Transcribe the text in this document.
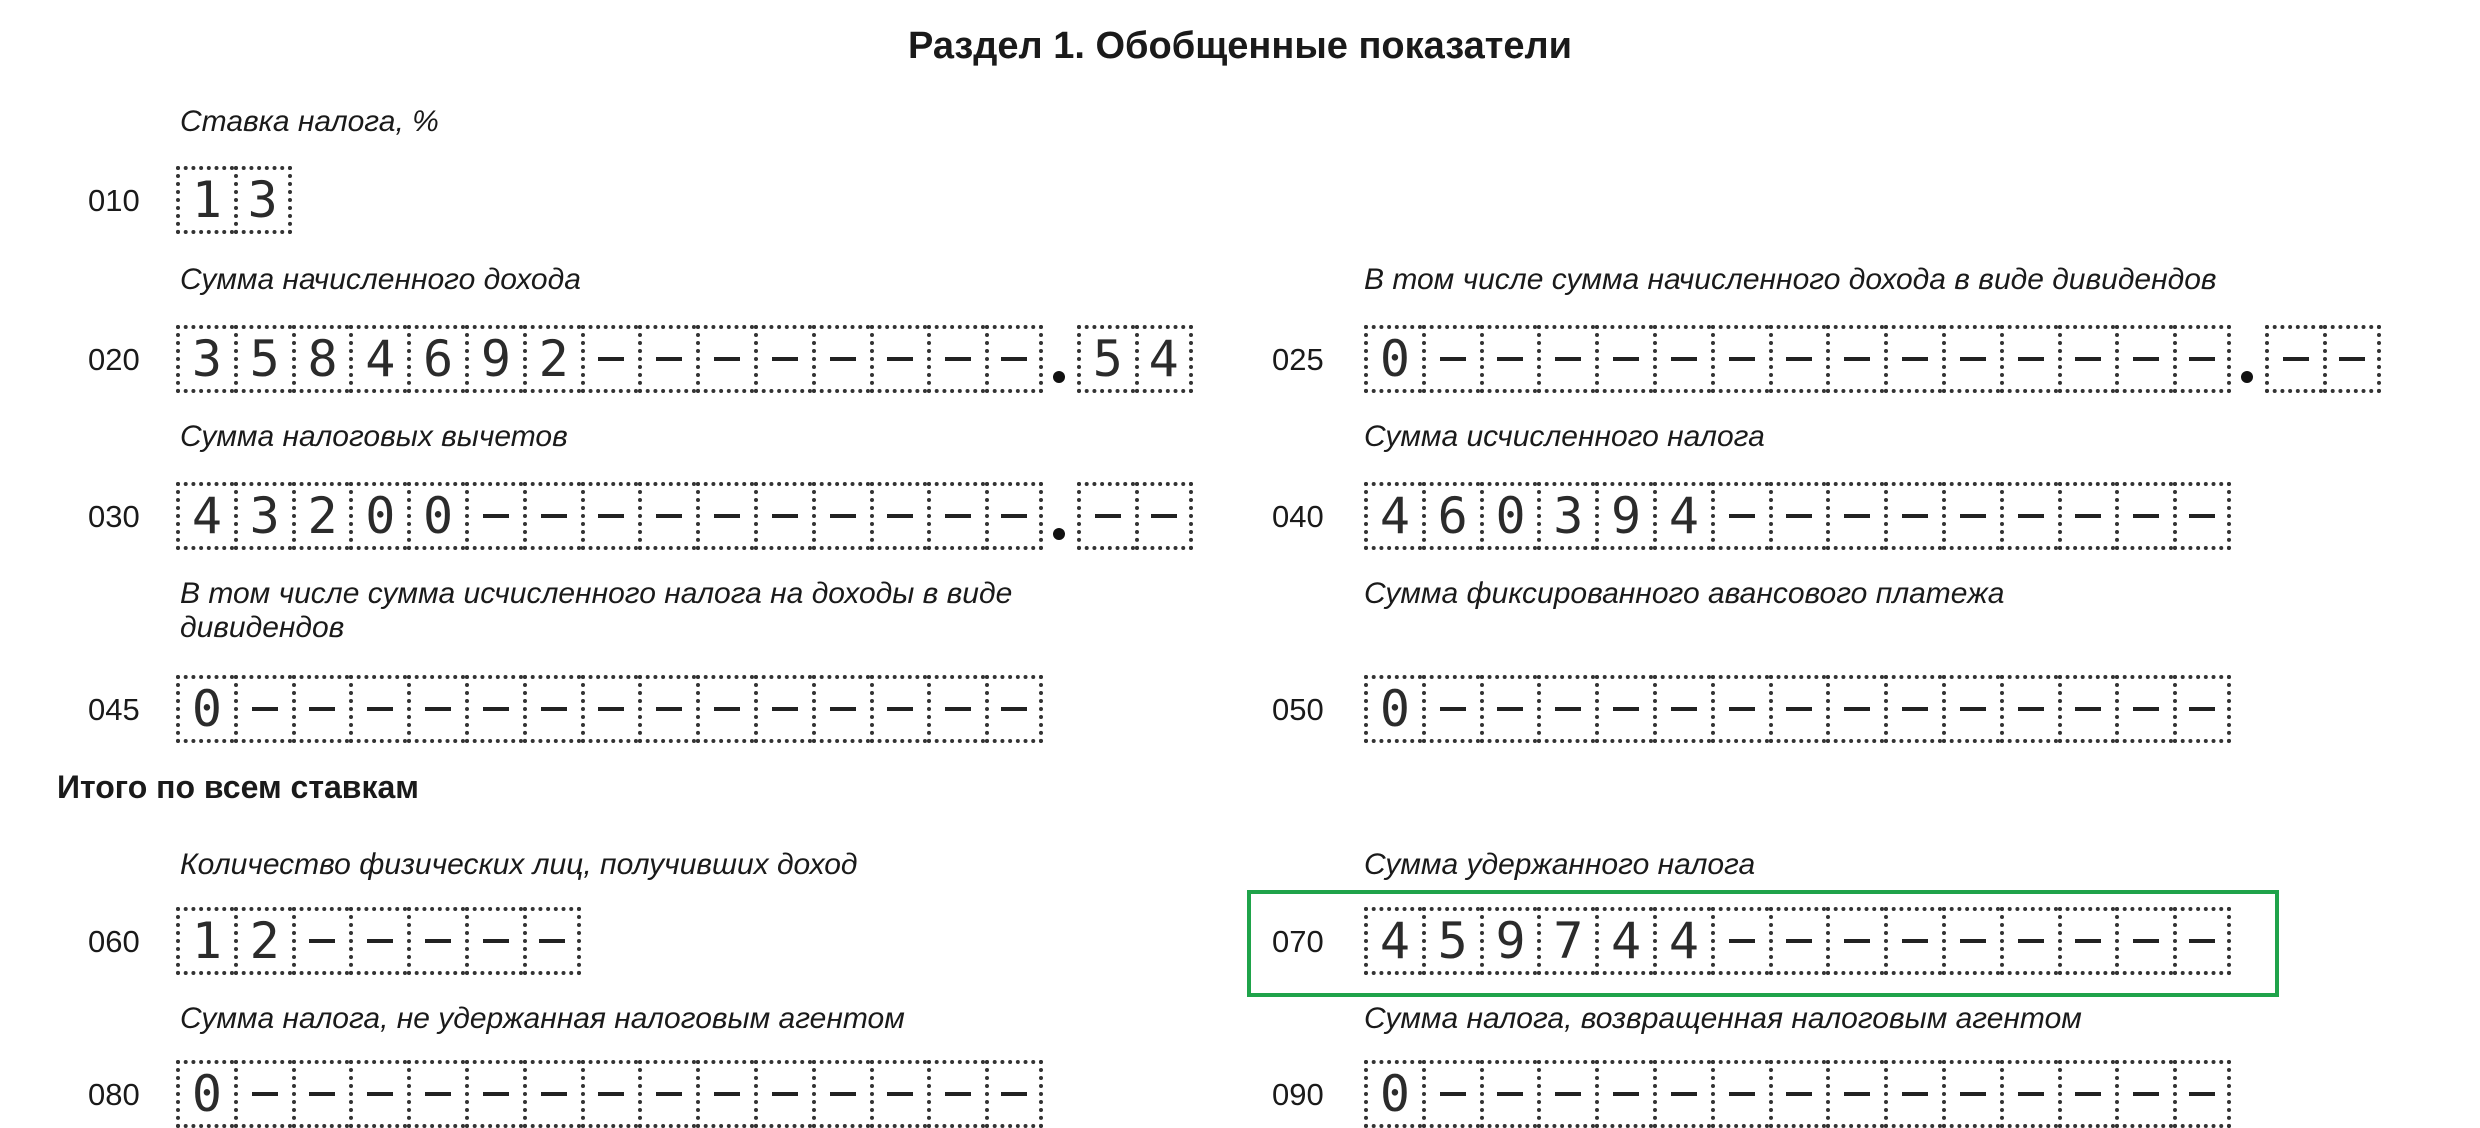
Раздел 1. Обобщенные показатели
Итого по всем ставкам
Ставка налога, %
010	1 3
Сумма начисленного дохода
020	3 5 8 4 6 9 2	5 4
В том числе сумма начисленного дохода в виде дивидендов
025	0
Сумма налоговых вычетов
030	4 3 2 0 0
Сумма исчисленного налога
040	4 6 0 3 9 4
В том числе сумма исчисленного налога на доходы в виде дивидендов
045	0
Сумма фиксированного авансового платежа
050	0
Количество физических лиц, получивших доход
060	1 2
Сумма удержанного налога
070	4 5 9 7 4 4
Сумма налога, не удержанная налоговым агентом
080	0
Сумма налога, возвращенная налоговым агентом
090	0
